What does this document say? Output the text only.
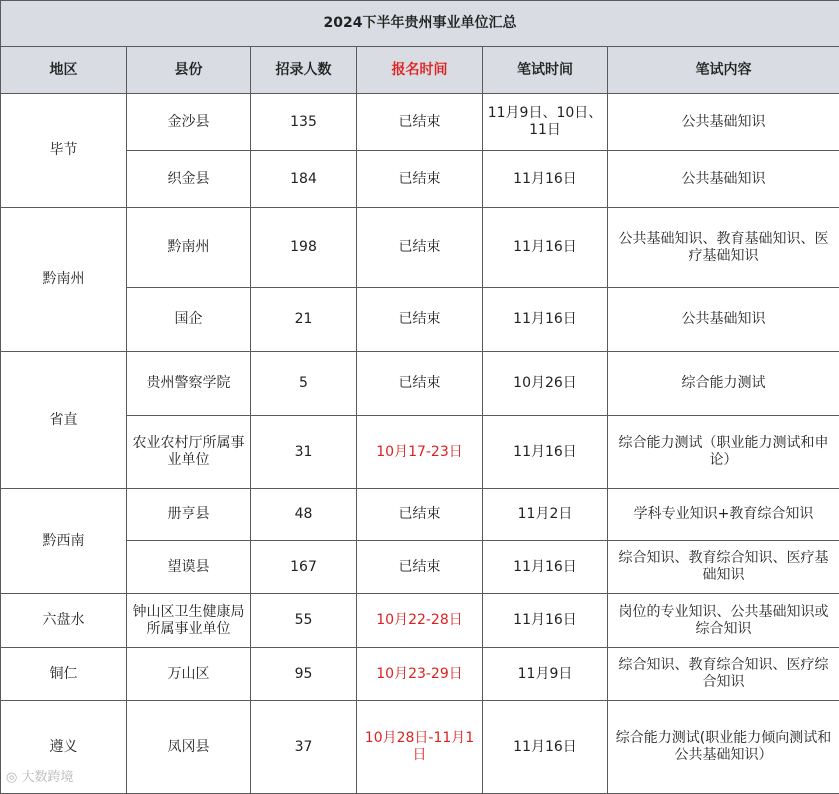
2024下半年贵州事业单位汇总					
地区	县份	招录人数	报名时间	笔试时间	笔试内容
毕节	金沙县	135	已结束	11月9日、10日、11日	公共基础知识
	织金县	184	已结束	11月16日	公共基础知识
黔南州	黔南州	198	已结束	11月16日	公共基础知识、教育基础知识、医疗基础知识
	国企	21	已结束	11月16日	公共基础知识
省直	贵州警察学院	5	已结束	10月26日	综合能力测试
	农业农村厅所属事业单位	31	10月17-23日	11月16日	综合能力测试（职业能力测试和申论）
黔西南	册亨县	48	已结束	11月2日	学科专业知识+教育综合知识
	望谟县	167	已结束	11月16日	综合知识、教育综合知识、医疗基础知识
六盘水	钟山区卫生健康局所属事业单位	55	10月22-28日	11月16日	岗位的专业知识、公共基础知识或综合知识
铜仁	万山区	95	10月23-29日	11月9日	综合知识、教育综合知识、医疗综合知识
遵义	凤冈县	37	10月28日-11月1日	11月16日	综合能力测试(职业能力倾向测试和公共基础知识）
◎ 大数跨境
